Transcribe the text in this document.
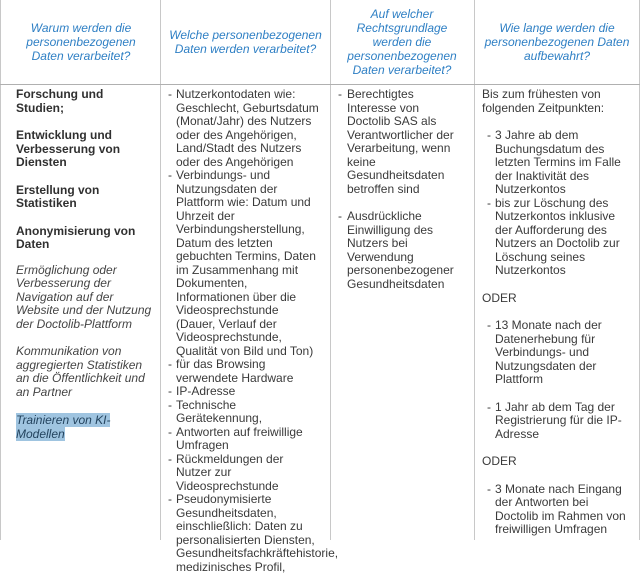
Warum werden die personenbezogenen Daten verarbeitet?
Welche personenbezogenen Daten werden verarbeitet?
Auf welcher Rechtsgrundlage werden die personenbezogenen Daten verarbeitet?
Wie lange werden die personenbezogenen Daten aufbewahrt?

Forschung und Studien;

Entwicklung und Verbesserung von Diensten

Erstellung von Statistiken

Anonymisierung von Daten

Ermöglichung oder Verbesserung der Navigation auf der Website und der Nutzung der Doctolib-Plattform

Kommunikation von aggregierten Statistiken an die Öffentlichkeit und an Partner

Trainieren von KI-Modellen

- Nutzerkontodaten wie: Geschlecht, Geburtsdatum (Monat/Jahr) des Nutzers oder des Angehörigen, Land/Stadt des Nutzers oder des Angehörigen
- Verbindungs- und Nutzungsdaten der Plattform wie: Datum und Uhrzeit der Verbindungsherstellung, Datum des letzten gebuchten Termins, Daten im Zusammenhang mit Dokumenten, Informationen über die Videosprechstunde (Dauer, Verlauf der Videosprechstunde, Qualität von Bild und Ton)
- für das Browsing verwendete Hardware
- IP-Adresse
- Technische Gerätekennung,
- Antworten auf freiwillige Umfragen
- Rückmeldungen der Nutzer zur Videosprechstunde
- Pseudonymisierte Gesundheitsdaten, einschließlich: Daten zu personalisierten Diensten, Gesundheitsfachkräftehistorie, medizinisches Profil,
- Berechtigtes Interesse von Doctolib SAS als Verantwortlicher der Verarbeitung, wenn keine Gesundheitsdaten betroffen sind
- Ausdrückliche Einwilligung des Nutzers bei Verwendung personenbezogener Gesundheitsdaten

Bis zum frühesten von folgenden Zeitpunkten:

- 3 Jahre ab dem Buchungsdatum des letzten Termins im Falle der Inaktivität des Nutzerkontos
- bis zur Löschung des Nutzerkontos inklusive der Aufforderung des Nutzers an Doctolib zur Löschung seines Nutzerkontos

ODER

- 13 Monate nach der Datenerhebung für Verbindungs- und Nutzungsdaten der Plattform
- 1 Jahr ab dem Tag der Registrierung für die IP-Adresse

ODER

- 3 Monate nach Eingang der Antworten bei Doctolib im Rahmen von freiwilligen Umfragen
